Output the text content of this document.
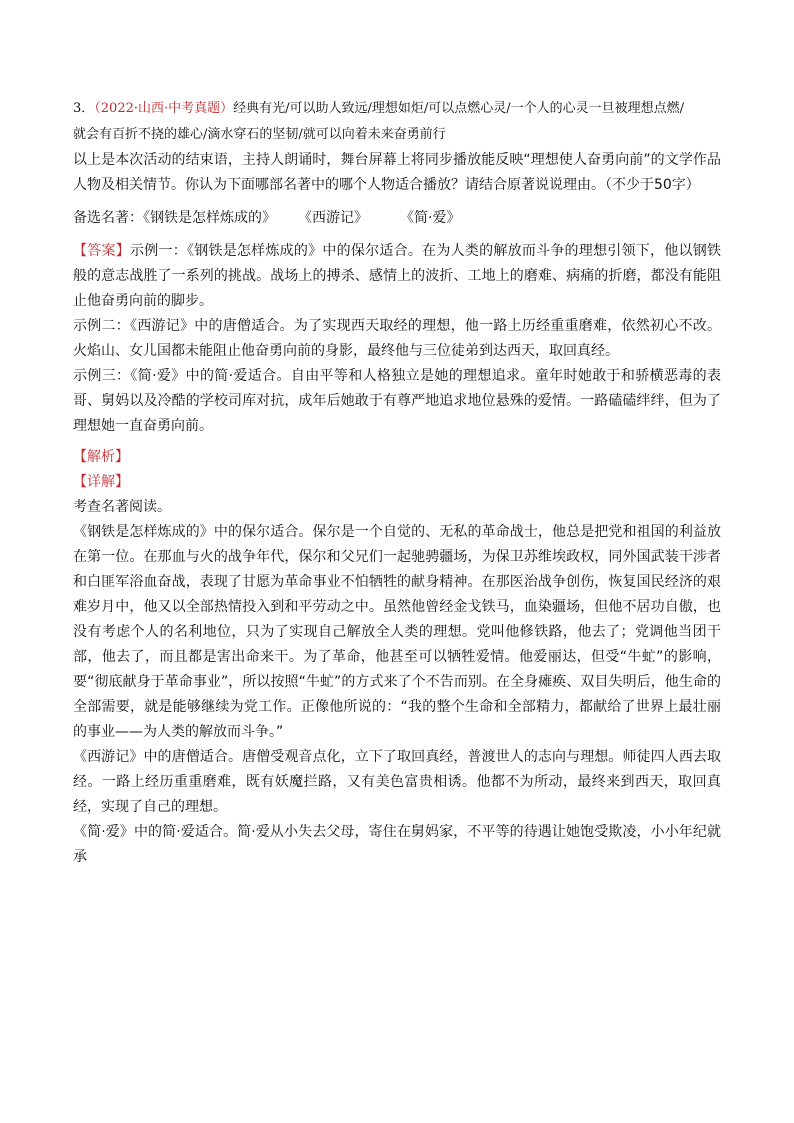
3．（2022·山西·中考真题）经典有光/可以助人致远/理想如炬/可以点燃心灵/一个人的心灵一旦被理想点燃/

就会有百折不挠的雄心/滴水穿石的坚韧/就可以向着未来奋勇前行

以上是本次活动的结束语，主持人朗诵时，舞台屏幕上将同步播放能反映“理想使人奋勇向前”的文学作品人物及相关情节。你认为下面哪部名著中的哪个人物适合播放？请结合原著说说理由。（不少于50字）

备选名著：《钢铁是怎样炼成的》 《西游记》 《简·爱》

【答案】示例一：《钢铁是怎样炼成的》中的保尔适合。在为人类的解放而斗争的理想引领下，他以钢铁般的意志战胜了一系列的挑战。战场上的搏杀、感情上的波折、工地上的磨难、病痛的折磨，都没有能阻止他奋勇向前的脚步。

示例二：《西游记》中的唐僧适合。为了实现西天取经的理想，他一路上历经重重磨难，依然初心不改。火焰山、女儿国都未能阻止他奋勇向前的身影，最终他与三位徒弟到达西天，取回真经。

示例三：《简·爱》中的简·爱适合。自由平等和人格独立是她的理想追求。童年时她敢于和骄横恶毒的表哥、舅妈以及冷酷的学校司库对抗，成年后她敢于有尊严地追求地位悬殊的爱情。一路磕磕绊绊，但为了理想她一直奋勇向前。

【解析】

【详解】

考查名著阅读。

《钢铁是怎样炼成的》中的保尔适合。保尔是一个自觉的、无私的革命战士，他总是把党和祖国的利益放在第一位。在那血与火的战争年代，保尔和父兄们一起驰骋疆场，为保卫苏维埃政权，同外国武装干涉者和白匪军浴血奋战，表现了甘愿为革命事业不怕牺牲的献身精神。在那医治战争创伤，恢复国民经济的艰难岁月中，他又以全部热情投入到和平劳动之中。虽然他曾经金戈铁马，血染疆场，但他不居功自傲，也没有考虑个人的名利地位，只为了实现自己解放全人类的理想。党叫他修铁路，他去了；党调他当团干部，他去了，而且都是害出命来干。为了革命，他甚至可以牺牲爱情。他爱丽达，但受“牛虻”的影响，要“彻底献身于革命事业”，所以按照“牛虻”的方式来了个不告而别。在全身瘫痪、双目失明后，他生命的全部需要，就是能够继续为党工作。正像他所说的：“我的整个生命和全部精力，都献给了世界上最壮丽的事业——为人类的解放而斗争。”

《西游记》中的唐僧适合。唐僧受观音点化，立下了取回真经，普渡世人的志向与理想。师徒四人西去取经。一路上经历重重磨难，既有妖魔拦路，又有美色富贵相诱。他都不为所动，最终来到西天，取回真经，实现了自己的理想。

《简·爱》中的简·爱适合。简·爱从小失去父母，寄住在舅妈家，不平等的待遇让她饱受欺凌，小小年纪就承
